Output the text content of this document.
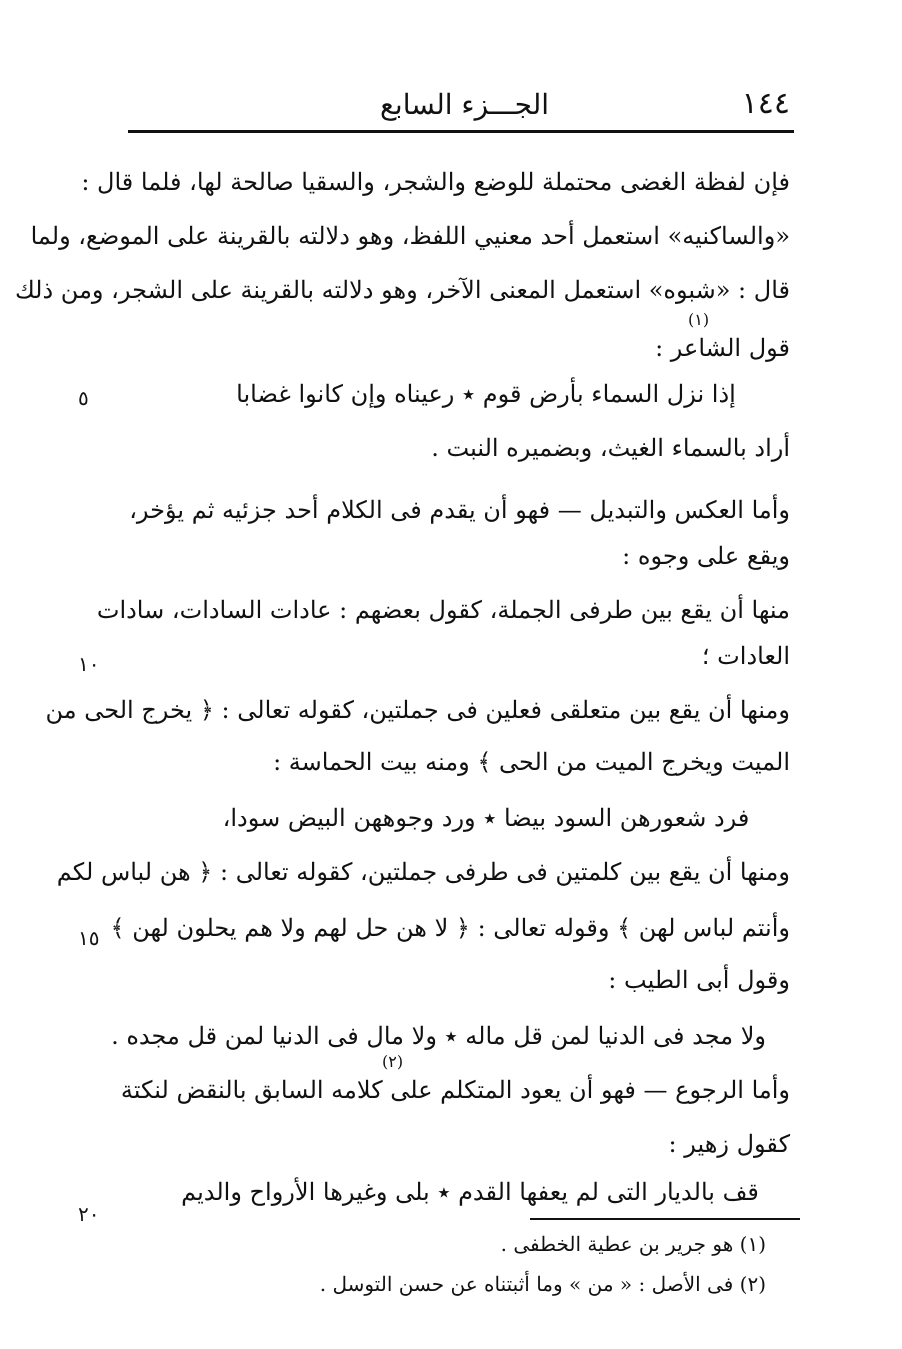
١٤٤
الجـــزء السابع
فإن لفظة الغضى محتملة للوضع والشجر، والسقيا صالحة لها، فلما قال :
«والساكنيه» استعمل أحد معنيي اللفظ، وهو دلالته بالقرينة على الموضع، ولما
قال : «شبوه» استعمل المعنى الآخر، وهو دلالته بالقرينة على الشجر، ومن ذلك
(١)
قول الشاعر :
إذا نزل السماء بأرض قوم ٭ رعيناه وإن كانوا غضابا
٥
أراد بالسماء الغيث، وبضميره النبت .
وأما العكس والتبديل — فهو أن يقدم فى الكلام أحد جزئيه ثم يؤخر،
ويقع على وجوه :
منها أن يقع بين طرفى الجملة، كقول بعضهم : عادات السادات، سادات
العادات ؛
١٠
ومنها أن يقع بين متعلقى فعلين فى جملتين، كقوله تعالى : ﴿ يخرج الحى من
الميت ويخرج الميت من الحى ﴾ ومنه بيت الحماسة :
فرد شعورهن السود بيضا ٭ ورد وجوههن البيض سودا،
ومنها أن يقع بين كلمتين فى طرفى جملتين، كقوله تعالى : ﴿ هن لباس لكم
وأنتم لباس لهن ﴾ وقوله تعالى : ﴿ لا هن حل لهم ولا هم يحلون لهن ﴾
١٥
وقول أبى الطيب :
ولا مجد فى الدنيا لمن قل ماله ٭ ولا مال فى الدنيا لمن قل مجده .
(٢)
وأما الرجوع — فهو أن يعود المتكلم على كلامه السابق بالنقض لنكتة
كقول زهير :
قف بالديار التى لم يعفها القدم ٭ بلى وغيرها الأرواح والديم
٢٠
(١) هو جرير بن عطية الخطفى .
(٢) فى الأصل : « من » وما أثبتناه عن حسن التوسل .
